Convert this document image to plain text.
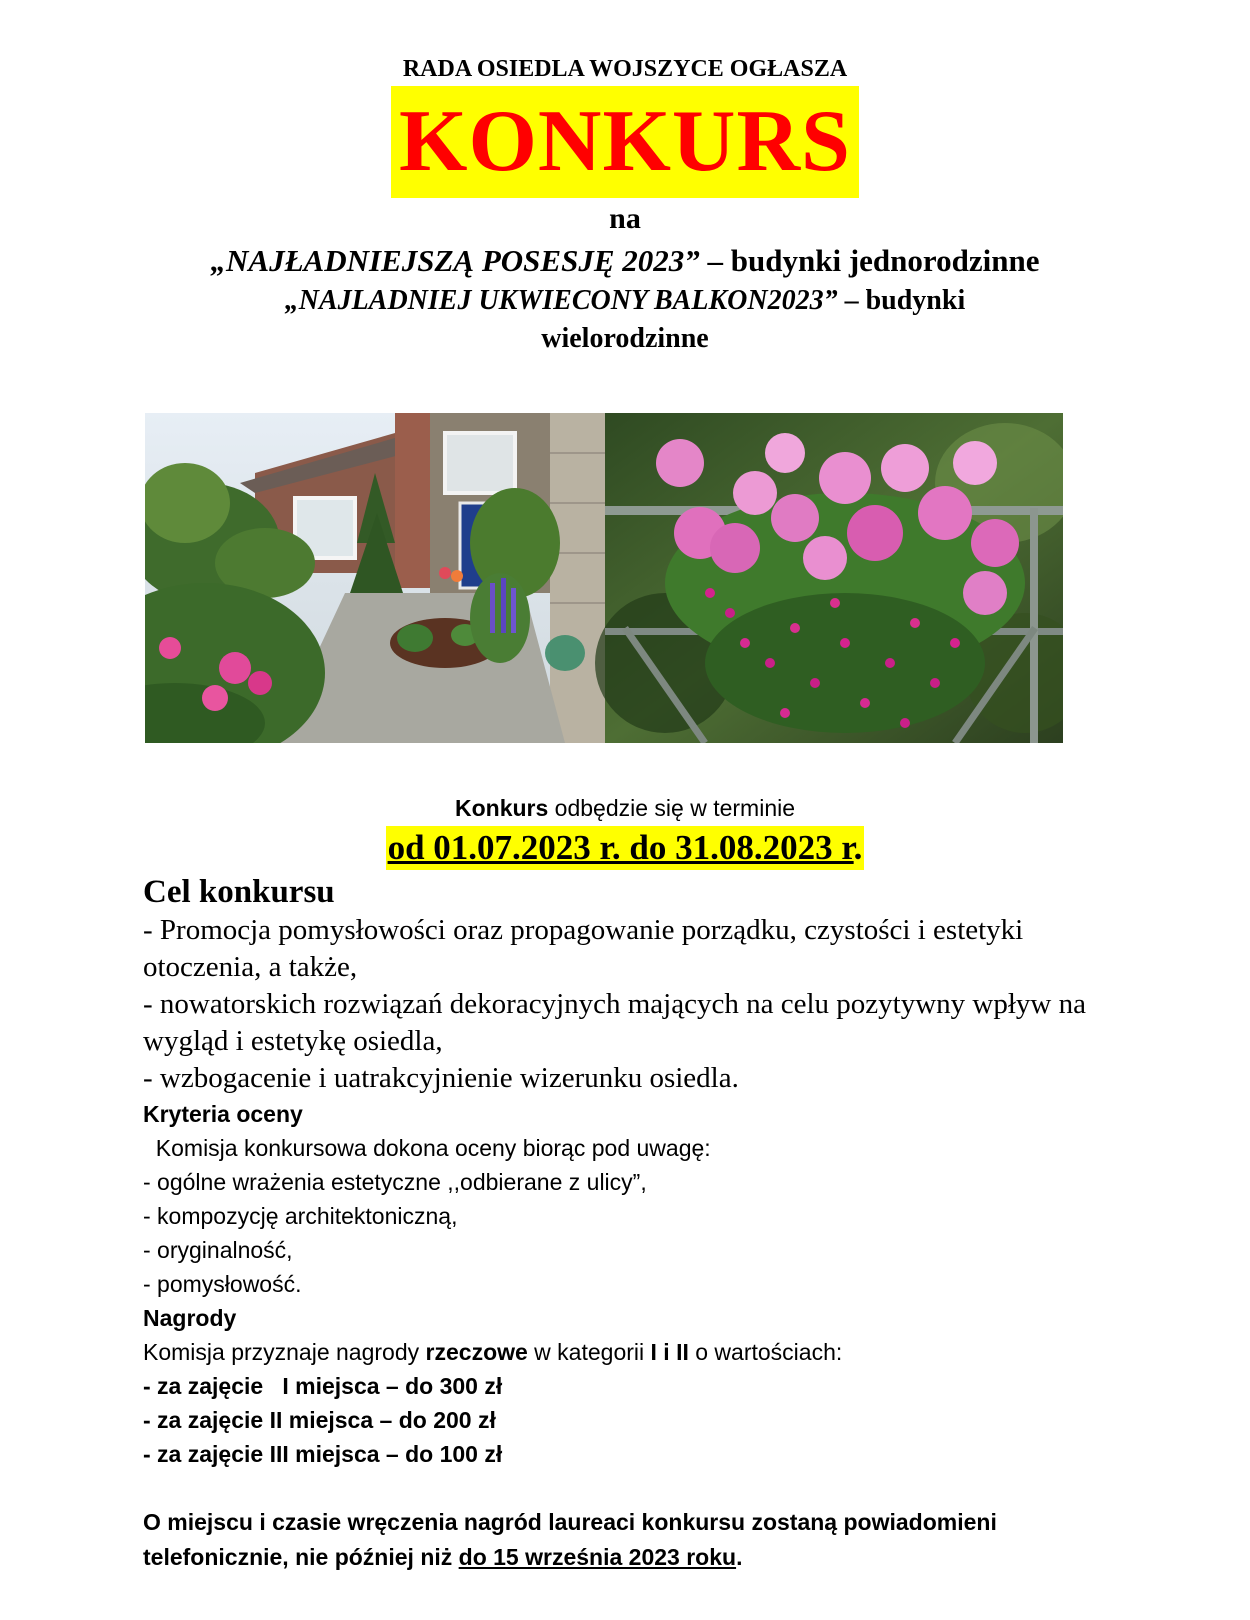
RADA OSIEDLA WOJSZYCE OGŁASZA
KONKURS
na
„NAJŁADNIEJSZĄ POSESJĘ 2023” – budynki jednorodzinne
„NAJLADNIEJ UKWIECONY BALKON2023” – budynki
wielorodzinne
Konkurs odbędzie się w terminie
od 01.07.2023 r. do 31.08.2023 r.
Cel konkursu

- Promocja pomysłowości oraz propagowanie porządku, czystości i estetyki otoczenia, a także,

- nowatorskich rozwiązań dekoracyjnych mających na celu pozytywny wpływ na wygląd i estetykę osiedla,

- wzbogacenie i uatrakcyjnienie wizerunku osiedla.

Kryteria oceny

Komisja konkursowa dokona oceny biorąc pod uwagę:

- ogólne wrażenia estetyczne ,,odbierane z ulicy”,

- kompozycję architektoniczną,

- oryginalność,

- pomysłowość.

Nagrody

Komisja przyznaje nagrody rzeczowe w kategorii I i II o wartościach:

- za zajęcie   I miejsca – do 300 zł

- za zajęcie II miejsca – do 200 zł

- za zajęcie III miejsca – do 100 zł

O miejscu i czasie wręczenia nagród laureaci konkursu zostaną powiadomieni telefonicznie, nie później niż do 15 września 2023 roku.
